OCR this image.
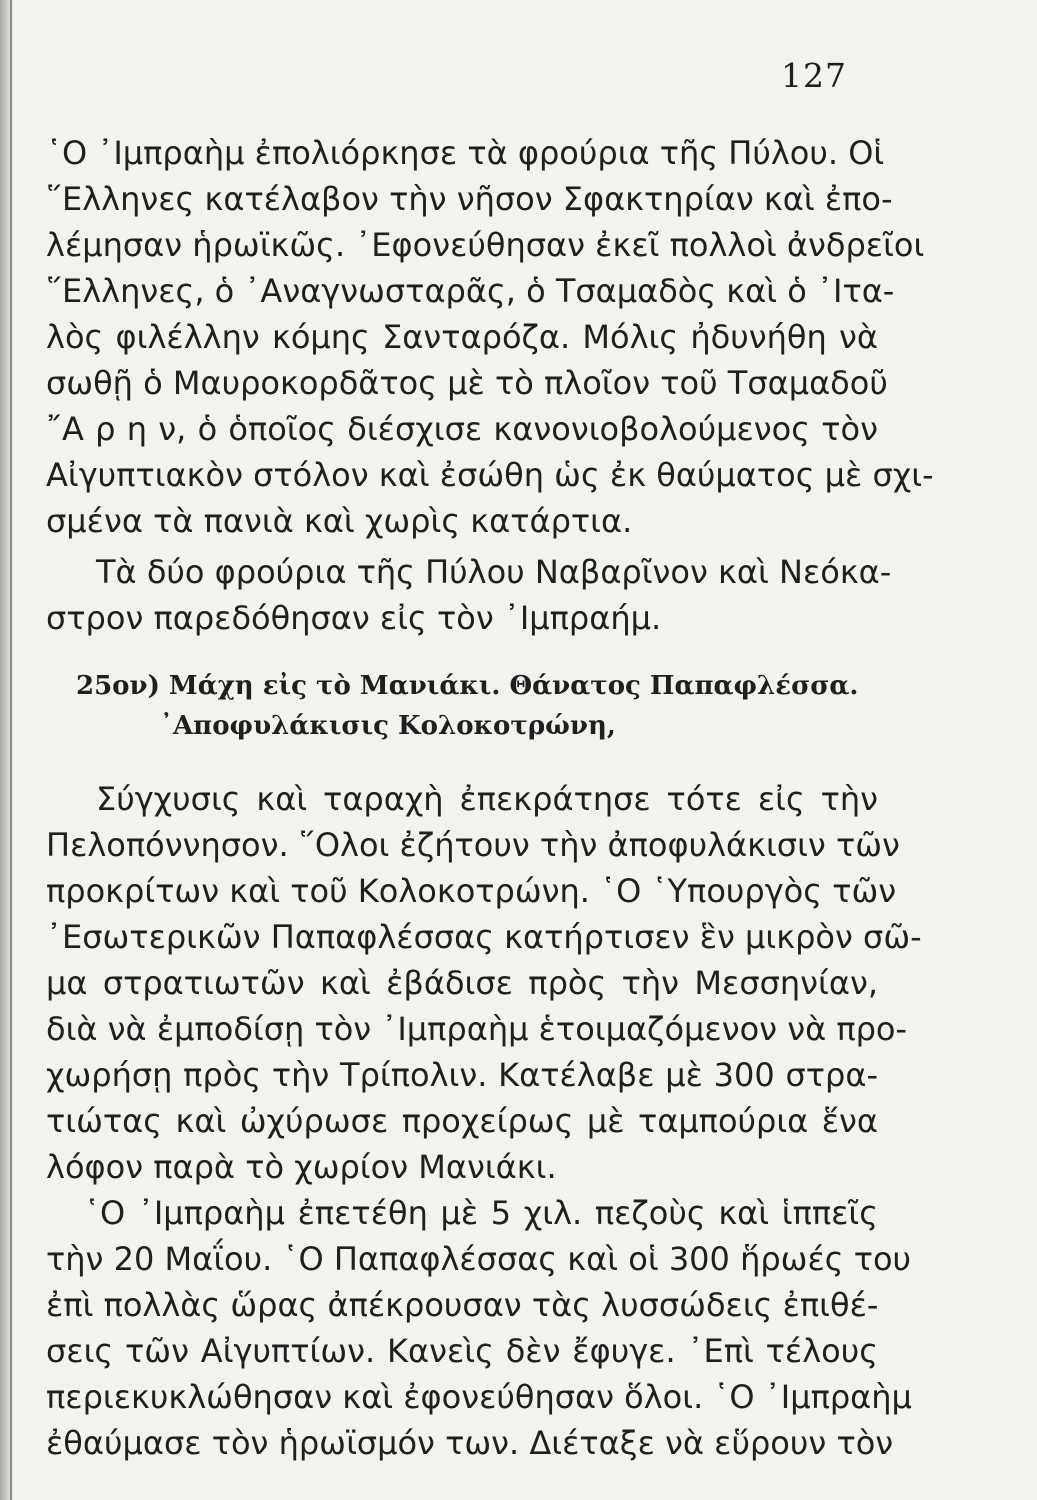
127
῾Ο ᾽Ιμπραὴμ ἐπολιόρκησε τὰ φρούρια τῆς Πύλου. Οἱ
῞Ελληνες κατέλαβον τὴν νῆσον Σφακτηρίαν καὶ ἐπο-
λέμησαν ἡρωϊκῶς. ᾽Εφονεύθησαν ἐκεῖ πολλοὶ ἀνδρεῖοι
῞Ελληνες, ὁ ᾽Αναγνωσταρᾶς, ὁ Τσαμαδὸς καὶ ὁ ᾽Ιτα-
λὸς φιλέλλην κόμης Σανταρόζα. Μόλις ἠδυνήθη νὰ
σωθῇ ὁ Μαυροκορδᾶτος μὲ τὸ πλοῖον τοῦ Τσαμαδοῦ
῎Α ρ η ν, ὁ ὁποῖος διέσχισε κανονιοβολούμενος τὸν
Αἰγυπτιακὸν στόλον καὶ ἐσώθη ὡς ἐκ θαύματος μὲ σχι-
σμένα τὰ πανιὰ καὶ χωρὶς κατάρτια.
Τὰ δύο φρούρια τῆς Πύλου Ναβαρῖνον καὶ Νεόκα-
στρον παρεδόθησαν εἰς τὸν ᾽Ιμπραήμ.
25ον) Μάχη εἰς τὸ Μανιάκι. Θάνατος Παπαφλέσσα.
᾽Αποφυλάκισις Κολοκοτρώνη,
Σύγχυσις καὶ ταραχὴ ἐπεκράτησε τότε εἰς τὴν
Πελοπόννησον. ῞Ολοι ἐζήτουν τὴν ἀποφυλάκισιν τῶν
προκρίτων καὶ τοῦ Κολοκοτρώνη. ῾Ο ῾Υπουργὸς τῶν
᾽Εσωτερικῶν Παπαφλέσσας κατήρτισεν ἓν μικρὸν σῶ-
μα στρατιωτῶν καὶ ἐβάδισε πρὸς τὴν Μεσσηνίαν,
διὰ νὰ ἐμποδίσῃ τὸν ᾽Ιμπραὴμ ἑτοιμαζόμενον νὰ προ-
χωρήσῃ πρὸς τὴν Τρίπολιν. Κατέλαβε μὲ 300 στρα-
τιώτας καὶ ὠχύρωσε προχείρως μὲ ταμπούρια ἕνα
λόφον παρὰ τὸ χωρίον Μανιάκι.
῾Ο ᾽Ιμπραὴμ ἐπετέθη μὲ 5 χιλ. πεζοὺς καὶ ἱππεῖς
τὴν 20 Μαΐου. ῾Ο Παπαφλέσσας καὶ οἱ 300 ἥρωές του
ἐπὶ πολλὰς ὥρας ἀπέκρουσαν τὰς λυσσώδεις ἐπιθέ-
σεις τῶν Αἰγυπτίων. Κανεὶς δὲν ἔφυγε. ᾽Επὶ τέλους
περιεκυκλώθησαν καὶ ἐφονεύθησαν ὅλοι. ῾Ο ᾽Ιμπραὴμ
ἐθαύμασε τὸν ἡρωϊσμόν των. Διέταξε νὰ εὕρουν τὸν
